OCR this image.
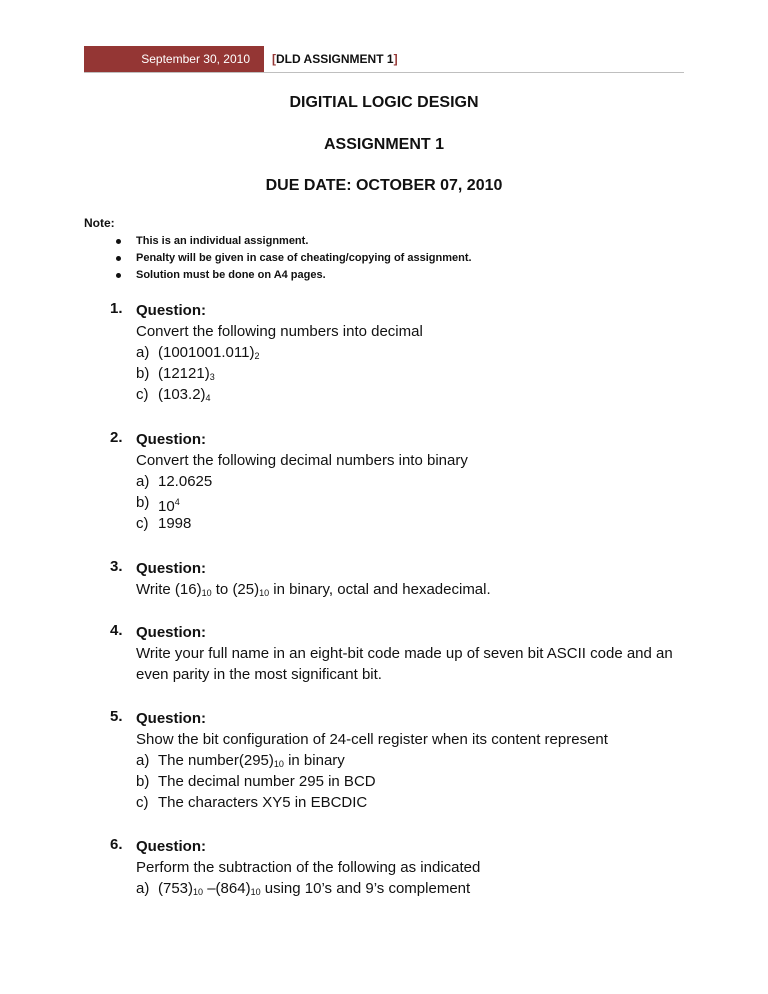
September 30, 2010 [DLD ASSIGNMENT 1]
DIGITIAL LOGIC DESIGN
ASSIGNMENT 1
DUE DATE: OCTOBER 07, 2010
Note:
This is an individual assignment.
Penalty will be given in case of cheating/copying of assignment.
Solution must be done on A4 pages.
1. Question:
Convert the following numbers into decimal
a) $(1001001.011)_2$
b) $(12121)_3$
c) $(103.2)_4$
2. Question:
Convert the following decimal numbers into binary
a) 12.0625
b) $10^4$
c) 1998
3. Question:
Write $(16)_{10}$ to $(25)_{10}$ in binary, octal and hexadecimal.
4. Question:
Write your full name in an eight-bit code made up of seven bit ASCII code and an even parity in the most significant bit.
5. Question:
Show the bit configuration of 24-cell register when its content represent
a) The $number(295)_{10}$ in binary
b) The decimal number 295 in BCD
c) The characters XY5 in EBCDIC
6. Question:
Perform the subtraction of the following as indicated
a) $(753)_{10}$ $-(864)_{10}$ using 10’s and 9’s complement
